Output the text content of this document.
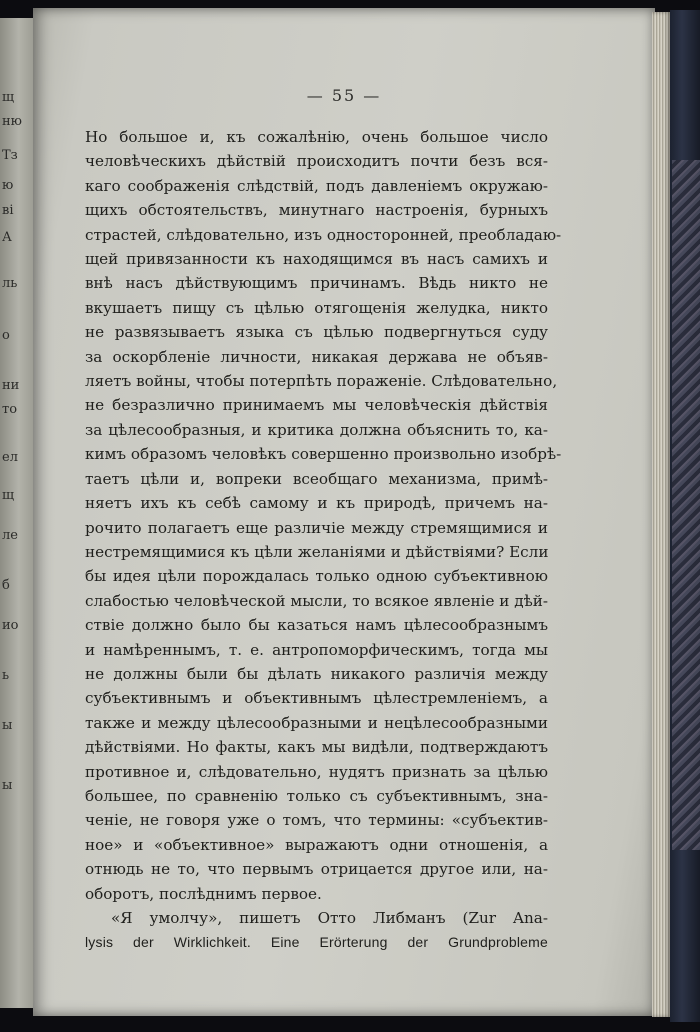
щ
ню
Тз
ю
ві
А
ль
о
ни
то
ел
щ
ле
б
ио
ь
ы
ы
— 55 —
Но большое и, къ сожалѣнію, очень большое число
человѣческихъ дѣйствій происходитъ почти безъ вся-
каго соображенія слѣдствій, подъ давленіемъ окружаю-
щихъ обстоятельствъ, минутнаго настроенія, бурныхъ
страстей, слѣдовательно, изъ односторонней, преобладаю-
щей привязанности къ находящимся въ насъ самихъ и
внѣ насъ дѣйствующимъ причинамъ. Вѣдь никто не
вкушаетъ пищу съ цѣлью отягощенія желудка, никто
не развязываетъ языка съ цѣлью подвергнуться суду
за оскорбленіе личности, никакая держава не объяв-
ляетъ войны, чтобы потерпѣть пораженіе. Слѣдовательно,
не безразлично принимаемъ мы человѣческія дѣйствія
за цѣлесообразныя, и критика должна объяснить то, ка-
кимъ образомъ человѣкъ совершенно произвольно изобрѣ-
таетъ цѣли и, вопреки всеобщаго механизма, примѣ-
няетъ ихъ къ себѣ самому и къ природѣ, причемъ на-
рочито полагаетъ еще различіе между стремящимися и
нестремящимися къ цѣли желаніями и дѣйствіями? Если
бы идея цѣли порождалась только одною субъективною
слабостью человѣческой мысли, то всякое явленіе и дѣй-
ствіе должно было бы казаться намъ цѣлесообразнымъ
и намѣреннымъ, т. е. антропоморфическимъ, тогда мы
не должны были бы дѣлать никакого различія между
субъективнымъ и объективнымъ цѣлестремленіемъ, а
также и между цѣлесообразными и нецѣлесообразными
дѣйствіями. Но факты, какъ мы видѣли, подтверждаютъ
противное и, слѣдовательно, нудятъ признать за цѣлью
большее, по сравненію только съ субъективнымъ, зна-
ченіе, не говоря уже о томъ, что термины: «субъектив-
ное» и «объективное» выражаютъ одни отношенія, а
отнюдь не то, что первымъ отрицается другое или, на-
оборотъ, послѣднимъ первое.
«Я умолчу», пишетъ Отто Либманъ (Zur Ana-
lysis der Wirklichkeit. Eine Erörterung der Grundprobleme
